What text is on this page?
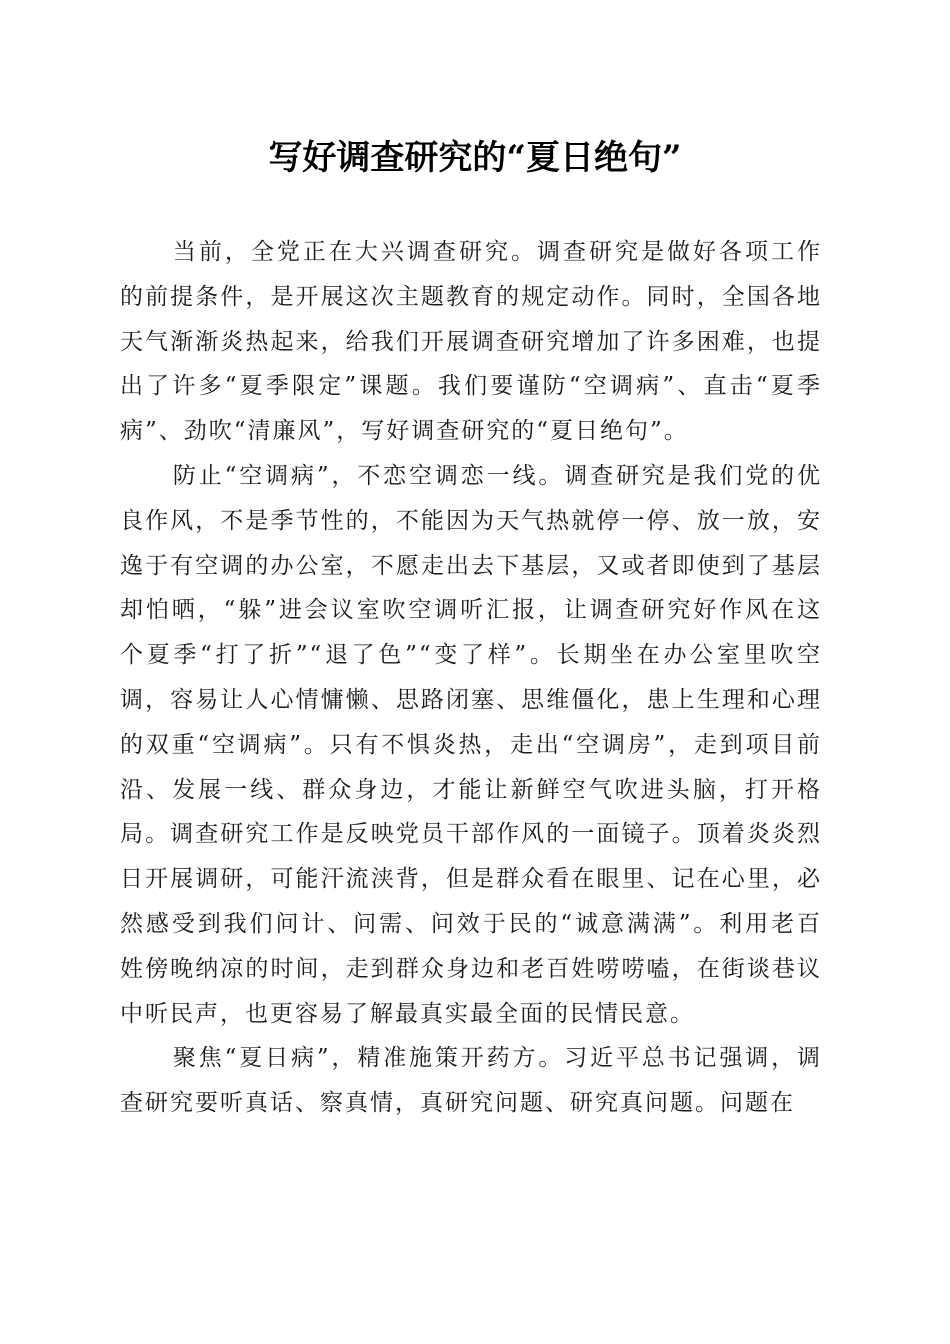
写好调查研究的“夏日绝句”

当前，全党正在大兴调查研究。调查研究是做好各项工作的前提条件，是开展这次主题教育的规定动作。同时，全国各地天气渐渐炎热起来，给我们开展调查研究增加了许多困难，也提出了许多“夏季限定”课题。我们要谨防“空调病”、直击“夏季病”、劲吹“清廉风”，写好调查研究的“夏日绝句”。

防止“空调病”，不恋空调恋一线。调查研究是我们党的优良作风，不是季节性的，不能因为天气热就停一停、放一放，安逸于有空调的办公室，不愿走出去下基层，又或者即使到了基层却怕晒，“躲”进会议室吹空调听汇报，让调查研究好作风在这个夏季“打了折”“退了色”“变了样”。长期坐在办公室里吹空调，容易让人心情慵懒、思路闭塞、思维僵化，患上生理和心理的双重“空调病”。只有不惧炎热，走出“空调房”，走到项目前沿、发展一线、群众身边，才能让新鲜空气吹进头脑，打开格局。调查研究工作是反映党员干部作风的一面镜子。顶着炎炎烈日开展调研，可能汗流浃背，但是群众看在眼里、记在心里，必然感受到我们问计、问需、问效于民的“诚意满满”。利用老百姓傍晚纳凉的时间，走到群众身边和老百姓唠唠嗑，在街谈巷议中听民声，也更容易了解最真实最全面的民情民意。

聚焦“夏日病”，精准施策开药方。习近平总书记强调，调查研究要听真话、察真情，真研究问题、研究真问题。问题在
